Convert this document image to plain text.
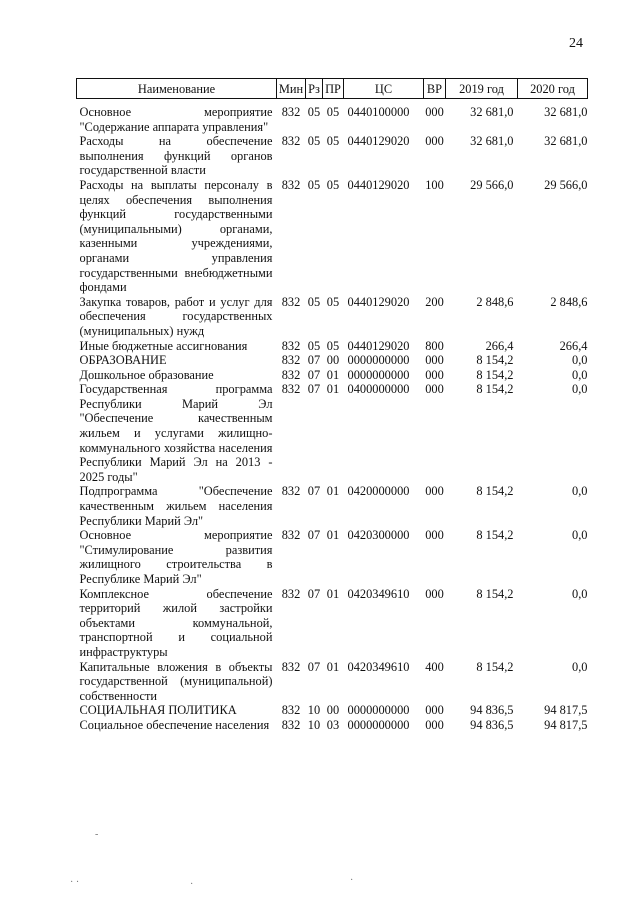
24
Наименование	Мин	Рз	ПР	ЦС	ВР	2019 год	2020 год
Основное мероприятие "Содержание аппарата управления"	832	05	05	0440100000	000	32 681,0	32 681,0
Расходы на обеспечение выполнения функций органов государственной власти	832	05	05	0440129020	000	32 681,0	32 681,0
Расходы на выплаты персоналу в целях обеспечения выполнения функций государственными (муниципальными) органами, казенными учреждениями, органами управления государственными внебюджетными фондами	832	05	05	0440129020	100	29 566,0	29 566,0
Закупка товаров, работ и услуг для обеспечения государственных (муниципальных) нужд	832	05	05	0440129020	200	2 848,6	2 848,6
Иные бюджетные ассигнования	832	05	05	0440129020	800	266,4	266,4
ОБРАЗОВАНИЕ	832	07	00	0000000000	000	8 154,2	0,0
Дошкольное образование	832	07	01	0000000000	000	8 154,2	0,0
Государственная программа Республики Марий Эл "Обеспечение качественным жильем и услугами жилищно-коммунального хозяйства населения Республики Марий Эл на 2013 - 2025 годы"	832	07	01	0400000000	000	8 154,2	0,0
Подпрограмма "Обеспечение качественным жильем населения Республики Марий Эл"	832	07	01	0420000000	000	8 154,2	0,0
Основное мероприятие "Стимулирование развития жилищного строительства в Республике Марий Эл"	832	07	01	0420300000	000	8 154,2	0,0
Комплексное обеспечение территорий жилой застройки объектами коммунальной, транспортной и социальной инфраструктуры	832	07	01	0420349610	000	8 154,2	0,0
Капитальные вложения в объекты государственной (муниципальной) собственности	832	07	01	0420349610	400	8 154,2	0,0
СОЦИАЛЬНАЯ ПОЛИТИКА	832	10	00	0000000000	000	94 836,5	94 817,5
Социальное обеспечение населения	832	10	03	0000000000	000	94 836,5	94 817,5
‐
· ·	·	·
